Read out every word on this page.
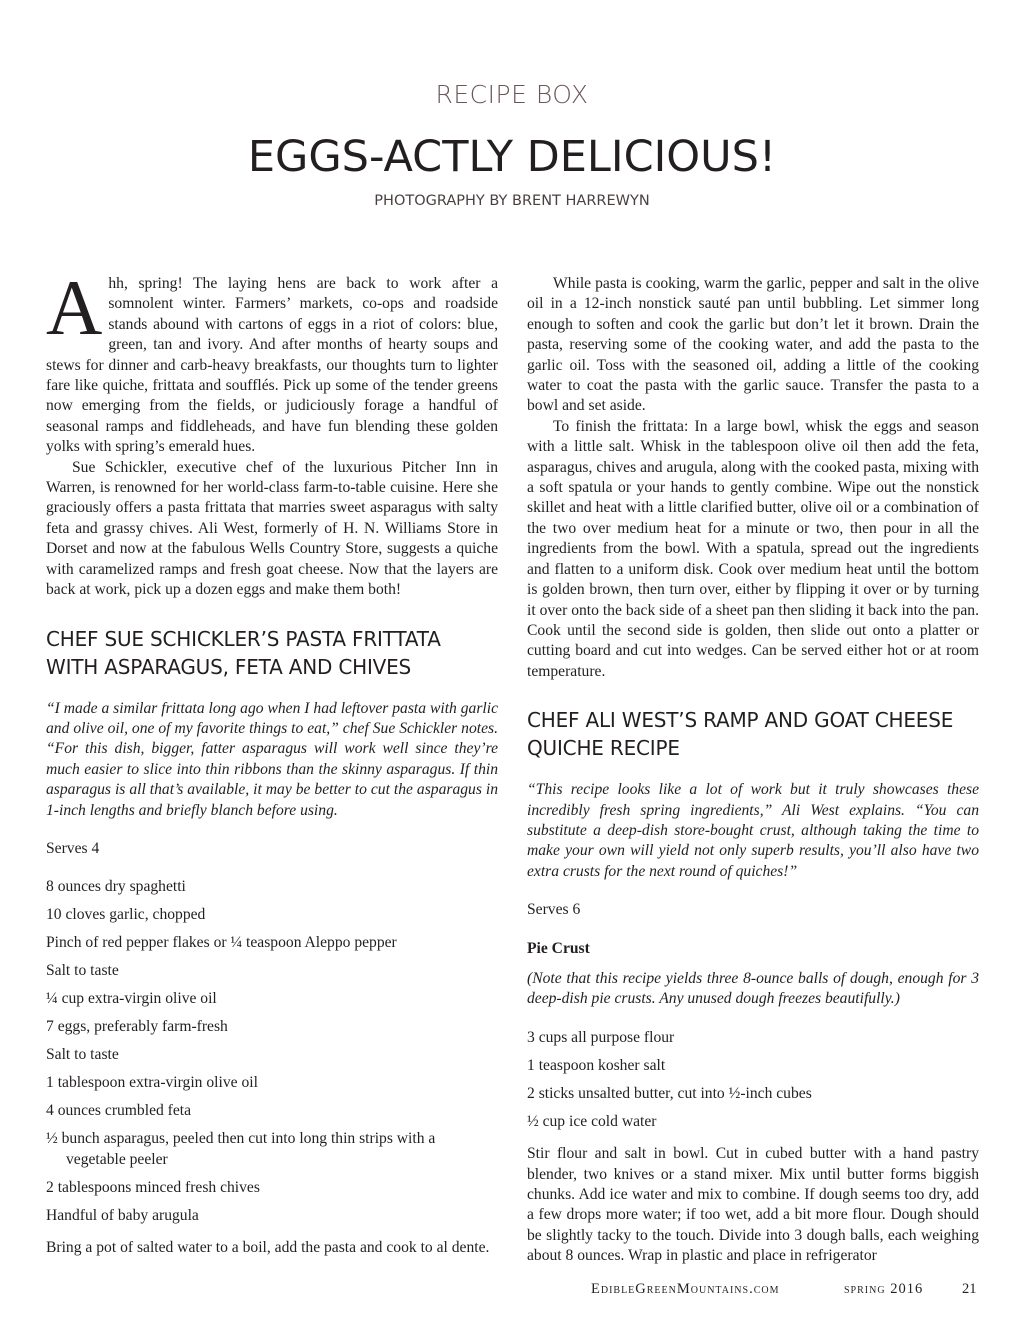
RECIPE BOX
EGGS-ACTLY DELICIOUS!
PHOTOGRAPHY BY BRENT HARREWYN

Ahh, spring! The laying hens are back to work after a somnolent winter. Farmers’ markets, co-ops and roadside stands abound with cartons of eggs in a riot of colors: blue, green, tan and ivory. And after months of hearty soups and stews for dinner and carb-heavy breakfasts, our thoughts turn to lighter fare like quiche, frittata and soufflés. Pick up some of the tender greens now emerging from the fields, or judiciously forage a handful of seasonal ramps and fiddleheads, and have fun blending these golden yolks with spring’s emerald hues.

Sue Schickler, executive chef of the luxurious Pitcher Inn in Warren, is renowned for her world-class farm-to-table cuisine. Here she graciously offers a pasta frittata that marries sweet asparagus with salty feta and grassy chives. Ali West, formerly of H. N. Williams Store in Dorset and now at the fabulous Wells Country Store, suggests a quiche with caramelized ramps and fresh goat cheese. Now that the layers are back at work, pick up a dozen eggs and make them both!

CHEF SUE SCHICKLER’S PASTA FRITTATA WITH ASPARAGUS, FETA AND CHIVES

“I made a similar frittata long ago when I had leftover pasta with garlic and olive oil, one of my favorite things to eat,” chef Sue Schickler notes. “For this dish, bigger, fatter asparagus will work well since they’re much easier to slice into thin ribbons than the skinny asparagus. If thin asparagus is all that’s available, it may be better to cut the asparagus in 1-inch lengths and briefly blanch before using.

Serves 4

8 ounces dry spaghetti

10 cloves garlic, chopped

Pinch of red pepper flakes or ¼ teaspoon Aleppo pepper

Salt to taste

¼ cup extra-virgin olive oil

7 eggs, preferably farm-fresh

Salt to taste

1 tablespoon extra-virgin olive oil

4 ounces crumbled feta

½ bunch asparagus, peeled then cut into long thin strips with a vegetable peeler

2 tablespoons minced fresh chives

Handful of baby arugula

Bring a pot of salted water to a boil, add the pasta and cook to al dente.

While pasta is cooking, warm the garlic, pepper and salt in the olive oil in a 12-inch nonstick sauté pan until bubbling. Let simmer long enough to soften and cook the garlic but don’t let it brown. Drain the pasta, reserving some of the cooking water, and add the pasta to the garlic oil. Toss with the seasoned oil, adding a little of the cooking water to coat the pasta with the garlic sauce. Transfer the pasta to a bowl and set aside.

To finish the frittata: In a large bowl, whisk the eggs and season with a little salt. Whisk in the tablespoon olive oil then add the feta, asparagus, chives and arugula, along with the cooked pasta, mixing with a soft spatula or your hands to gently combine. Wipe out the nonstick skillet and heat with a little clarified butter, olive oil or a combination of the two over medium heat for a minute or two, then pour in all the ingredients from the bowl. With a spatula, spread out the ingredients and flatten to a uniform disk. Cook over medium heat until the bottom is golden brown, then turn over, either by flipping it over or by turning it over onto the back side of a sheet pan then sliding it back into the pan. Cook until the second side is golden, then slide out onto a platter or cutting board and cut into wedges. Can be served either hot or at room temperature.

CHEF ALI WEST’S RAMP AND GOAT CHEESE QUICHE RECIPE

“This recipe looks like a lot of work but it truly showcases these incredibly fresh spring ingredients,” Ali West explains. “You can substitute a deep-dish store-bought crust, although taking the time to make your own will yield not only superb results, you’ll also have two extra crusts for the next round of quiches!”

Serves 6

Pie Crust

(Note that this recipe yields three 8-ounce balls of dough, enough for 3 deep-dish pie crusts. Any unused dough freezes beautifully.)

3 cups all purpose flour

1 teaspoon kosher salt

2 sticks unsalted butter, cut into ½-inch cubes

½ cup ice cold water

Stir flour and salt in bowl. Cut in cubed butter with a hand pastry blender, two knives or a stand mixer. Mix until butter forms biggish chunks. Add ice water and mix to combine. If dough seems too dry, add a few drops more water; if too wet, add a bit more flour. Dough should be slightly tacky to the touch. Divide into 3 dough balls, each weighing about 8 ounces. Wrap in plastic and place in refrigerator

EdibleGreenMountains.com	spring 2016	21
